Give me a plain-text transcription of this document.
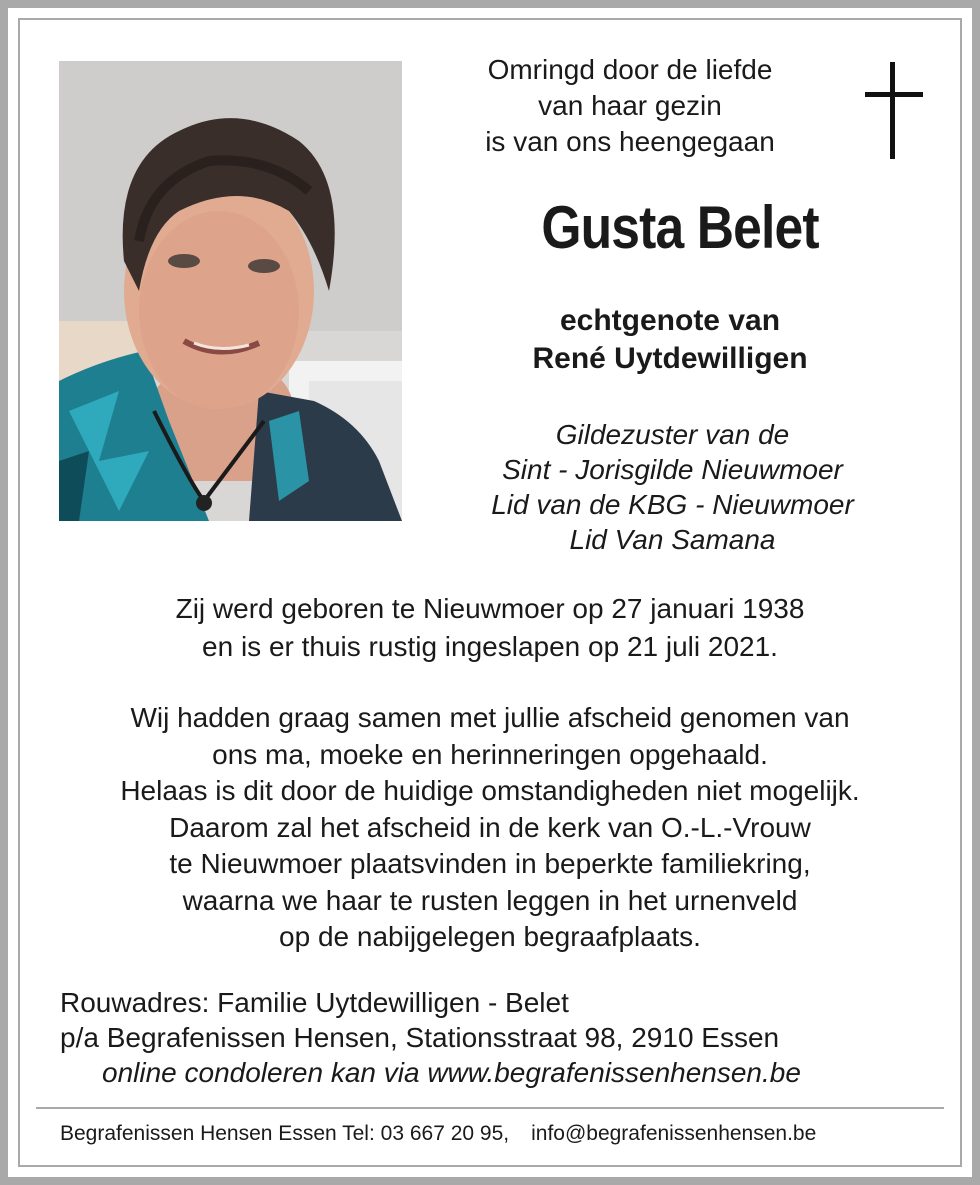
Omringd door de liefde
van haar gezin
is van ons heengegaan
Gusta Belet
echtgenote van
René Uytdewilligen
Gildezuster van de
Sint - Jorisgilde Nieuwmoer
Lid van de KBG - Nieuwmoer
Lid Van Samana
Zij werd geboren te Nieuwmoer op 27 januari 1938
en is er thuis rustig ingeslapen op 21 juli 2021.
Wij hadden graag samen met jullie afscheid genomen van
ons ma, moeke en herinneringen opgehaald.
Helaas is dit door de huidige omstandigheden niet mogelijk.
Daarom zal het afscheid in de kerk van O.-L.-Vrouw
te Nieuwmoer plaatsvinden in beperkte familiekring,
waarna we haar te rusten leggen in het urnenveld
op de nabijgelegen begraafplaats.
Rouwadres: Familie Uytdewilligen - Belet
p/a Begrafenissen Hensen, Stationsstraat 98, 2910 Essen
online condoleren kan via www.begrafenissenhensen.be
Begrafenissen Hensen Essen Tel: 03 667 20 95, info@begrafenissenhensen.be
